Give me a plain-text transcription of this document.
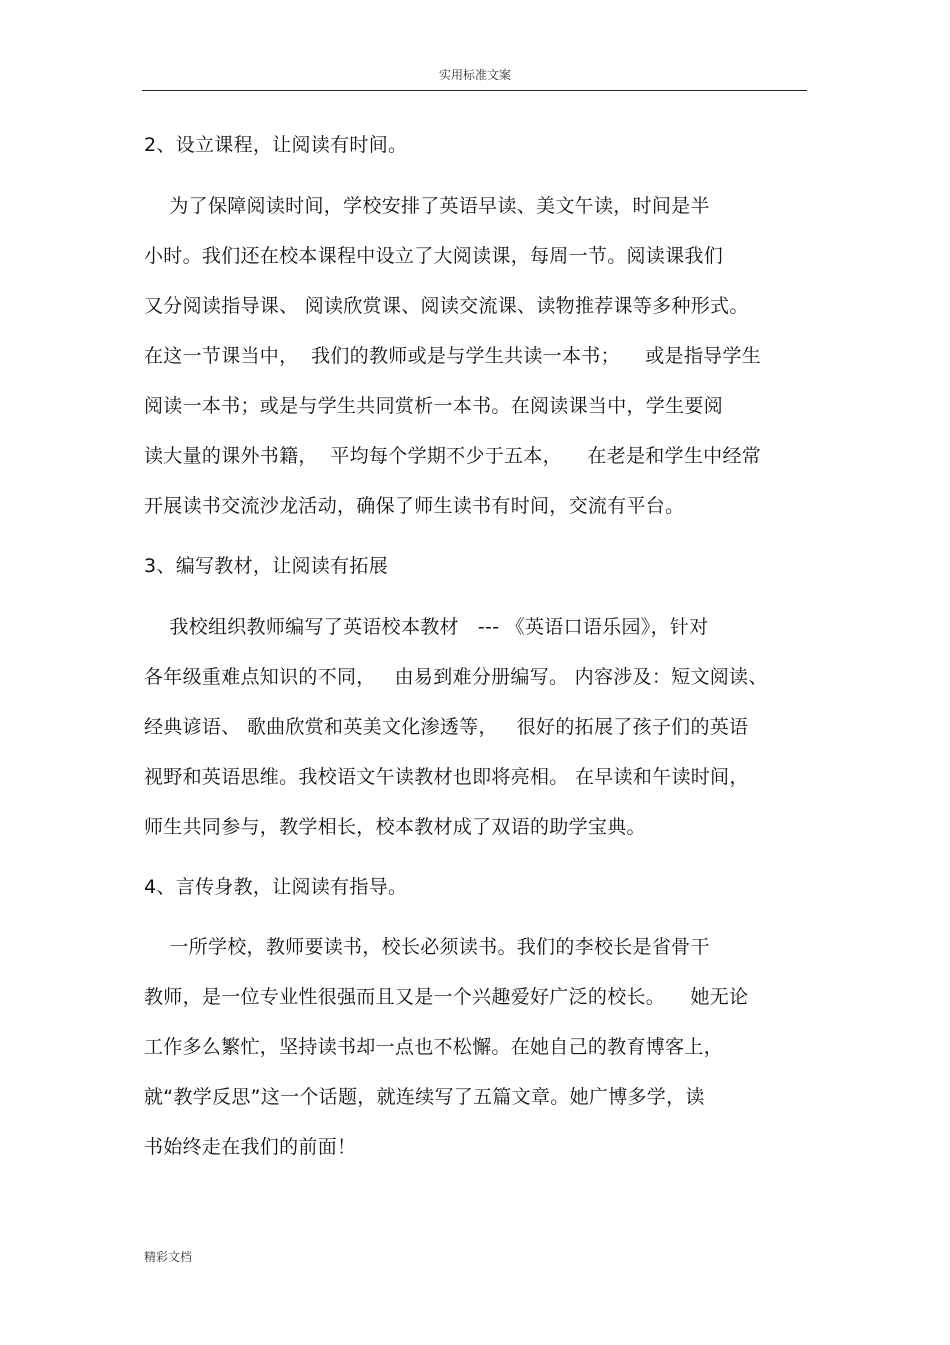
实用标准文案
2、设立课程，让阅读有时间。
为了保障阅读时间，学校安排了英语早读、美文午读，时间是半
小时。我们还在校本课程中设立了大阅读课，每周一节。阅读课我们
又分阅读指导课、 阅读欣赏课、阅读交流课、读物推荐课等多种形式。
在这一节课当中，  我们的教师或是与学生共读一本书；    或是指导学生
阅读一本书；或是与学生共同赏析一本书。在阅读课当中，学生要阅
读大量的课外书籍，  平均每个学期不少于五本，    在老是和学生中经常
开展读书交流沙龙活动，确保了师生读书有时间，交流有平台。
3、编写教材，让阅读有拓展
我校组织教师编写了英语校本教材   --- 《英语口语乐园》，针对
各年级重难点知识的不同，   由易到难分册编写。 内容涉及：短文阅读、
经典谚语、 歌曲欣赏和英美文化渗透等，   很好的拓展了孩子们的英语
视野和英语思维。我校语文午读教材也即将亮相。 在早读和午读时间，
师生共同参与，教学相长，校本教材成了双语的助学宝典。
4、言传身教，让阅读有指导。
一所学校，教师要读书，校长必须读书。我们的李校长是省骨干
教师，是一位专业性很强而且又是一个兴趣爱好广泛的校长。    她无论
工作多么繁忙，坚持读书却一点也不松懈。在她自己的教育博客上，
就“教学反思”这一个话题，就连续写了五篇文章。她广博多学，读
书始终走在我们的前面！
精彩文档
